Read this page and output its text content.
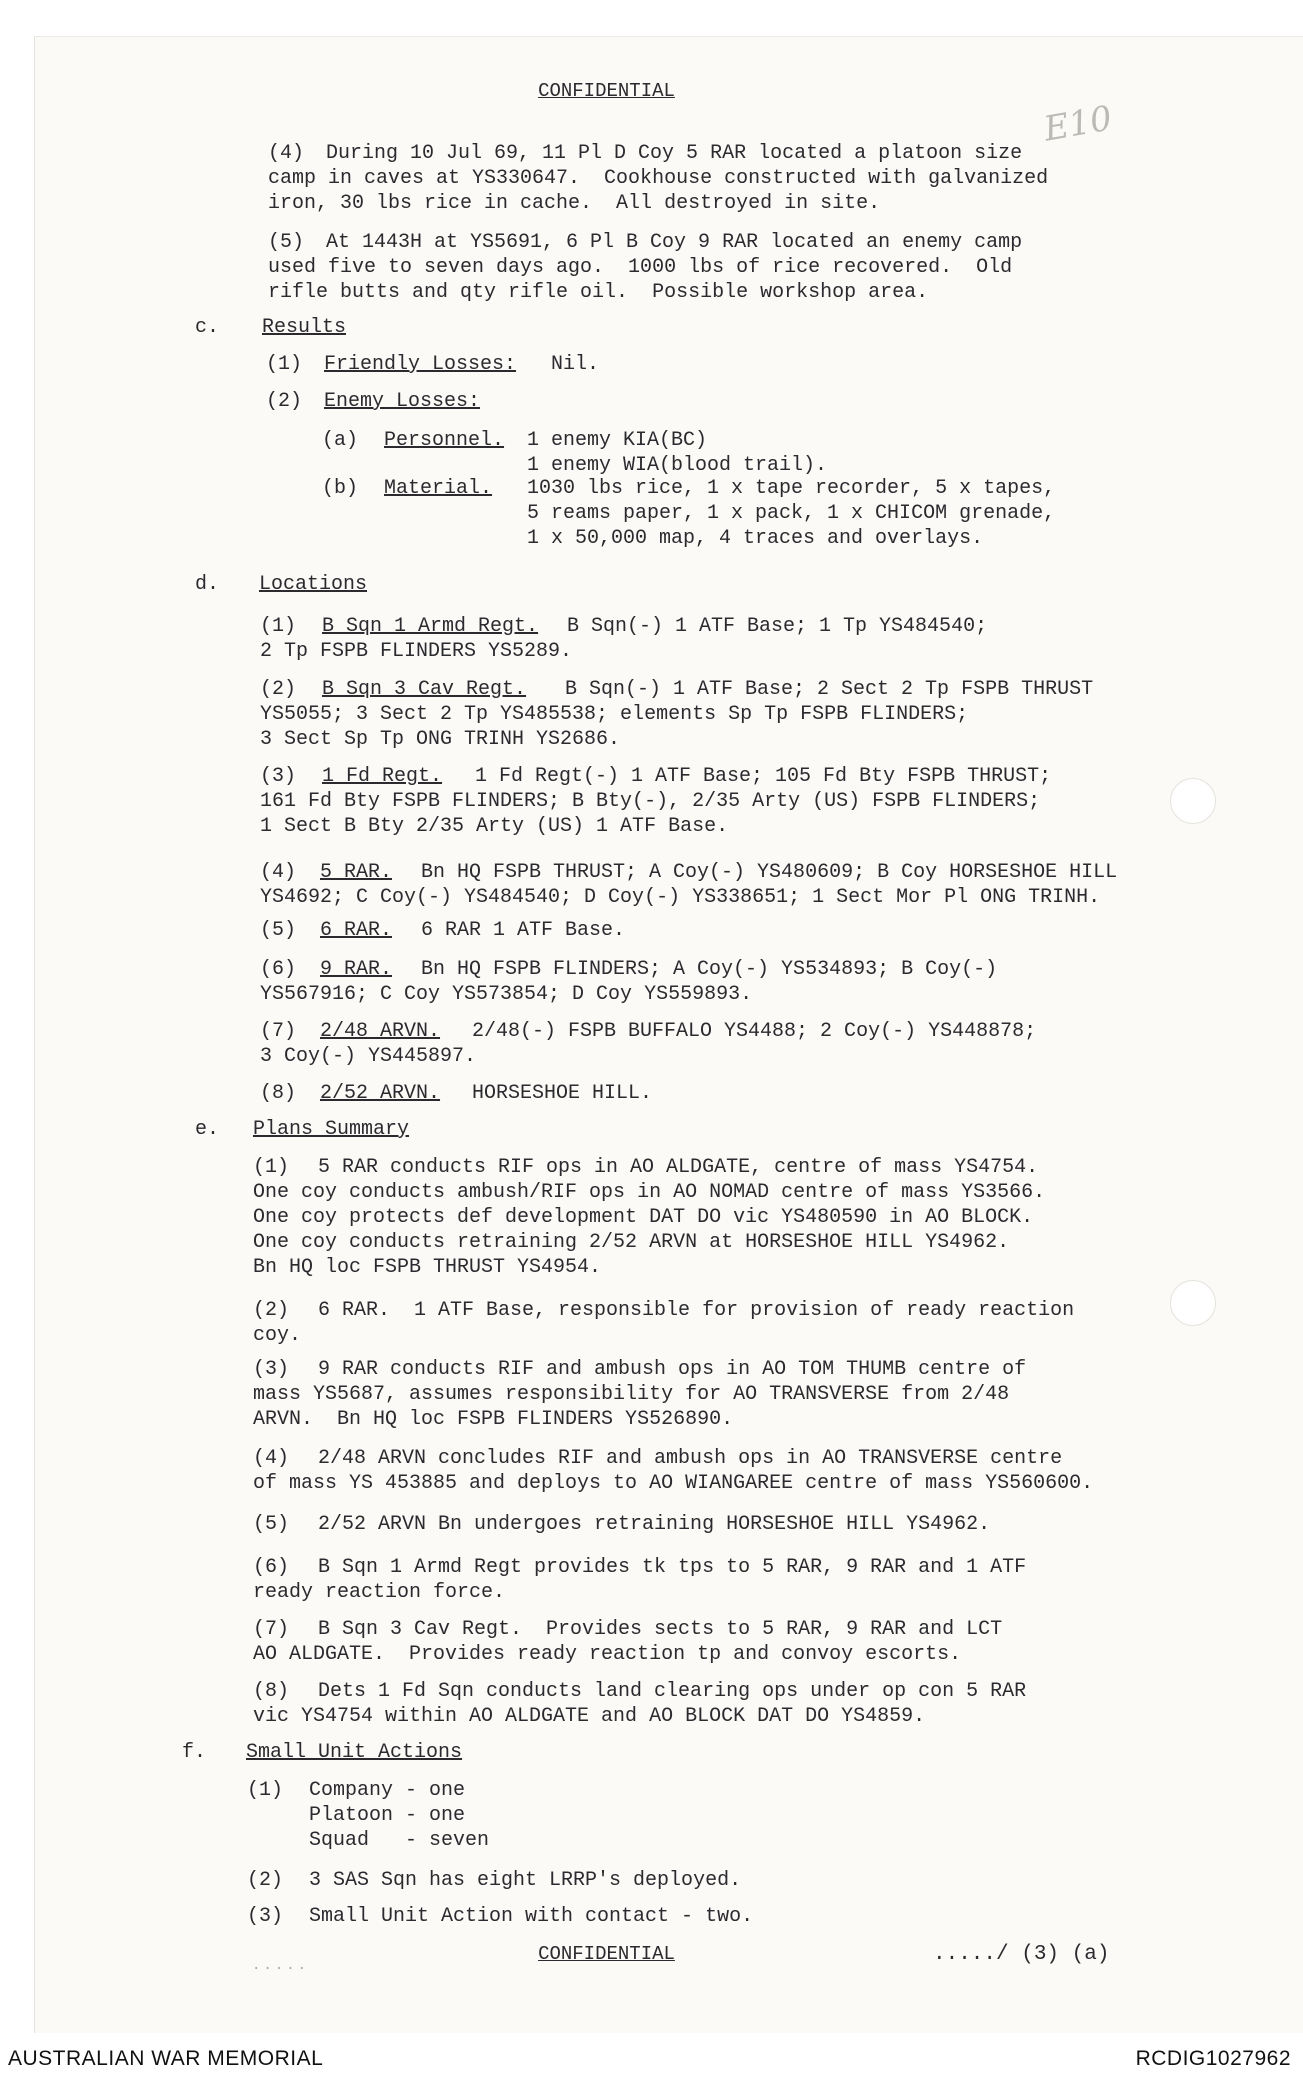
E10
CONFIDENTIAL
(4) During 10 Jul 69, 11 Pl D Coy 5 RAR located a platoon size
camp in caves at YS330647.  Cookhouse constructed with galvanized
iron, 30 lbs rice in cache.  All destroyed in site.
(5) At 1443H at YS5691, 6 Pl B Coy 9 RAR located an enemy camp
used five to seven days ago.  1000 lbs of rice recovered.  Old
rifle butts and qty rifle oil.  Possible workshop area.
c. Results
(1) Friendly Losses: Nil.
(2) Enemy Losses:
(a) Personnel. 1 enemy KIA(BC)
1 enemy WIA(blood trail).
(b) Material. 1030 lbs rice, 1 x tape recorder, 5 x tapes,
5 reams paper, 1 x pack, 1 x CHICOM grenade,
1 x 50,000 map, 4 traces and overlays.
d. Locations
(1) B Sqn 1 Armd Regt. B Sqn(-) 1 ATF Base; 1 Tp YS484540;
2 Tp FSPB FLINDERS YS5289.
(2) B Sqn 3 Cav Regt. B Sqn(-) 1 ATF Base; 2 Sect 2 Tp FSPB THRUST
YS5055; 3 Sect 2 Tp YS485538; elements Sp Tp FSPB FLINDERS;
3 Sect Sp Tp ONG TRINH YS2686.
(3) 1 Fd Regt. 1 Fd Regt(-) 1 ATF Base; 105 Fd Bty FSPB THRUST;
161 Fd Bty FSPB FLINDERS; B Bty(-), 2/35 Arty (US) FSPB FLINDERS;
1 Sect B Bty 2/35 Arty (US) 1 ATF Base.
(4) 5 RAR. Bn HQ FSPB THRUST; A Coy(-) YS480609; B Coy HORSESHOE HILL
YS4692; C Coy(-) YS484540; D Coy(-) YS338651; 1 Sect Mor Pl ONG TRINH.
(5) 6 RAR. 6 RAR 1 ATF Base.
(6) 9 RAR. Bn HQ FSPB FLINDERS; A Coy(-) YS534893; B Coy(-)
YS567916; C Coy YS573854; D Coy YS559893.
(7) 2/48 ARVN. 2/48(-) FSPB BUFFALO YS4488; 2 Coy(-) YS448878;
3 Coy(-) YS445897.
(8) 2/52 ARVN. HORSESHOE HILL.
e. Plans Summary
(1) 5 RAR conducts RIF ops in AO ALDGATE, centre of mass YS4754.
One coy conducts ambush/RIF ops in AO NOMAD centre of mass YS3566.
One coy protects def development DAT DO vic YS480590 in AO BLOCK.
One coy conducts retraining 2/52 ARVN at HORSESHOE HILL YS4962.
Bn HQ loc FSPB THRUST YS4954.
(2) 6 RAR.  1 ATF Base, responsible for provision of ready reaction
coy.
(3) 9 RAR conducts RIF and ambush ops in AO TOM THUMB centre of
mass YS5687, assumes responsibility for AO TRANSVERSE from 2/48
ARVN.  Bn HQ loc FSPB FLINDERS YS526890.
(4) 2/48 ARVN concludes RIF and ambush ops in AO TRANSVERSE centre
of mass YS 453885 and deploys to AO WIANGAREE centre of mass YS560600.
(5) 2/52 ARVN Bn undergoes retraining HORSESHOE HILL YS4962.
(6) B Sqn 1 Armd Regt provides tk tps to 5 RAR, 9 RAR and 1 ATF
ready reaction force.
(7) B Sqn 3 Cav Regt.  Provides sects to 5 RAR, 9 RAR and LCT
AO ALDGATE.  Provides ready reaction tp and convoy escorts.
(8) Dets 1 Fd Sqn conducts land clearing ops under op con 5 RAR
vic YS4754 within AO ALDGATE and AO BLOCK DAT DO YS4859.
f. Small Unit Actions
(1) Company - one
Platoon - one
Squad   - seven
(2) 3 SAS Sqn has eight LRRP's deployed.
(3) Small Unit Action with contact - two.
.....
CONFIDENTIAL	...../ (3) (a)
AUSTRALIAN WAR MEMORIAL	RCDIG1027962
